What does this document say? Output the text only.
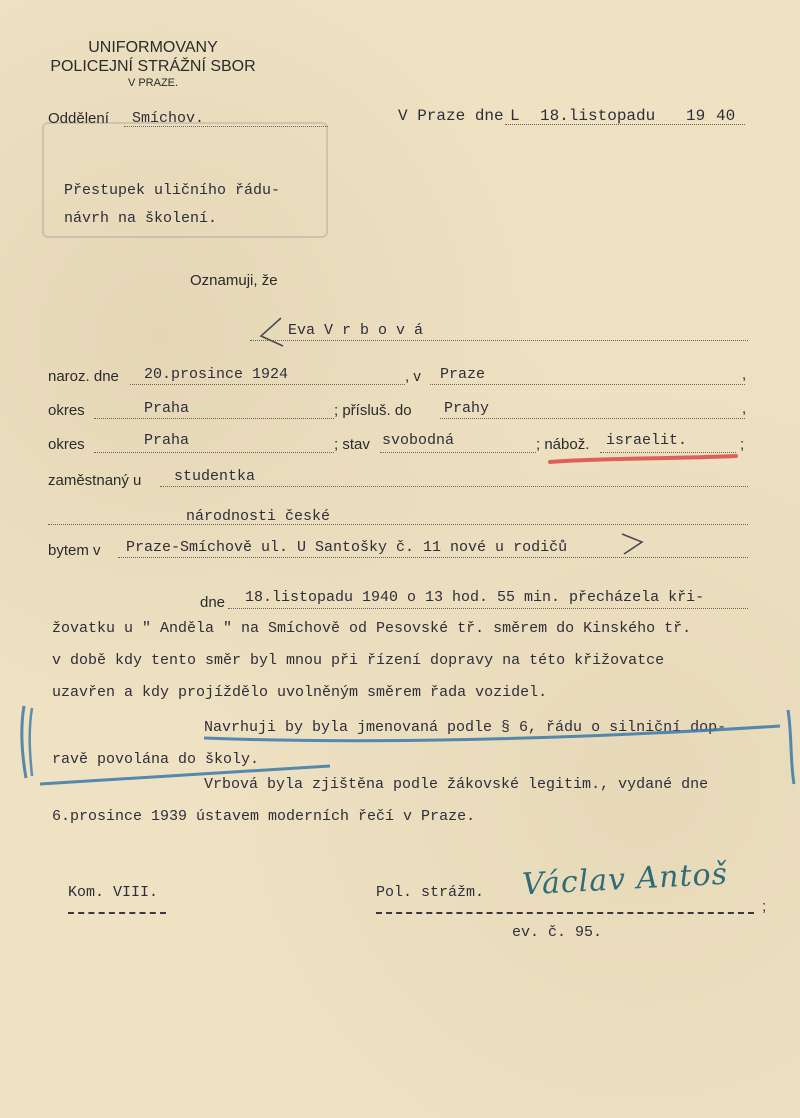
UNIFORMOVANY
POLICEJNÍ STRÁŽNÍ SBOR
V PRAZE.
Oddělení Smíchov.	V Praze dne L 18.listopadu 19 40
Přestupek uličního řádu-
návrh na školení.
Oznamuji, že
Eva V r b o v á
naroz. dne 20.prosince 1924	, v Praze	,
okres	Praha	; přísluš. do Prahy	,
okres	Praha	; stav svobodná	; nábož. israelit.	;
zaměstnaný u studentka
národnosti české
bytem v Praze-Smíchově ul. U Santošky č. 11 nové u rodičů
dne 18.listopadu 1940 o 13 hod. 55 min. přecházela kři-
žovatku u " Anděla " na Smíchově od Pesovské tř. směrem do Kinského tř.
v době kdy tento směr byl mnou při řízení dopravy na této křižovatce
uzavřen a kdy projíždělo uvolněným směrem řada vozidel.
Navrhuji by byla jmenovaná podle § 6, řádu o silniční dop-
ravě povolána do školy.
Vrbová byla zjištěna podle žákovské legitim., vydané dne
6.prosince 1939 ústavem moderních řečí v Praze.
Kom. VIII.	Pol. strážm. Václav Antoš
;
ev. č. 95.
